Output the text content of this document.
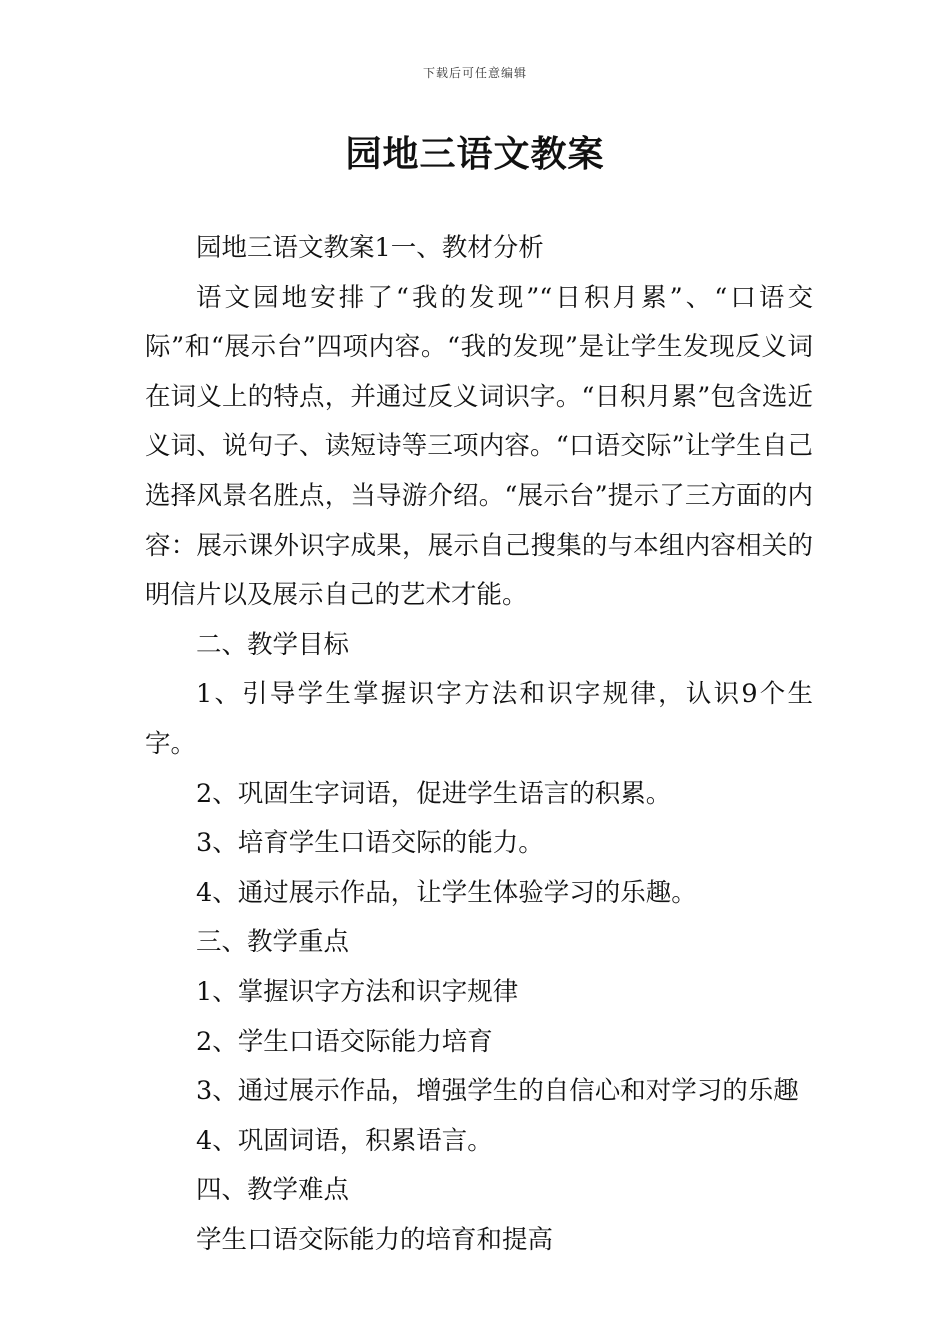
下载后可任意编辑
园地三语文教案

园地三语文教案1一、教材分析

语文园地安排了“我的发现”“日积月累”、“口语交际”和“展示台”四项内容。“我的发现”是让学生发现反义词在词义上的特点，并通过反义词识字。“日积月累”包含选近义词、说句子、读短诗等三项内容。“口语交际”让学生自己选择风景名胜点，当导游介绍。“展示台”提示了三方面的内容：展示课外识字成果，展示自己搜集的与本组内容相关的明信片以及展示自己的艺术才能。

二、教学目标

1、引导学生掌握识字方法和识字规律，认识9个生字。

2、巩固生字词语，促进学生语言的积累。

3、培育学生口语交际的能力。

4、通过展示作品，让学生体验学习的乐趣。

三、教学重点

1、掌握识字方法和识字规律

2、学生口语交际能力培育

3、通过展示作品，增强学生的自信心和对学习的乐趣

4、巩固词语，积累语言。

四、教学难点

学生口语交际能力的培育和提高
